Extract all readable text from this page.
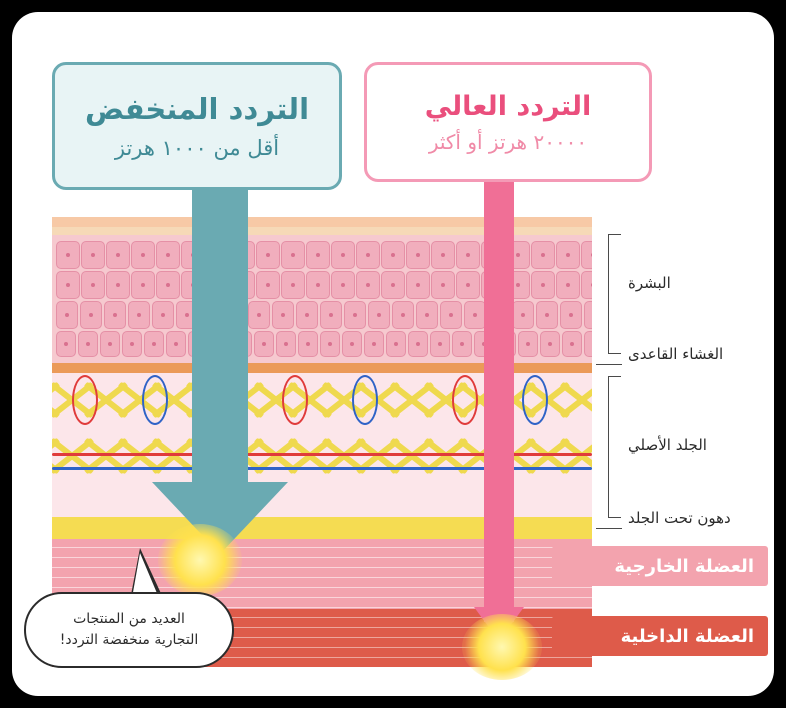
التردد المنخفض
أقل من ١٠٠٠ هرتز
التردد العالي
٢٠٠٠٠ هرتز أو أكثر
البشرة
الغشاء القاعدى
الجلد الأصلي
دهون تحت الجلد
العضلة الخارجية
العضلة الداخلية
العديد من المنتجات
التجارية منخفضة التردد!
